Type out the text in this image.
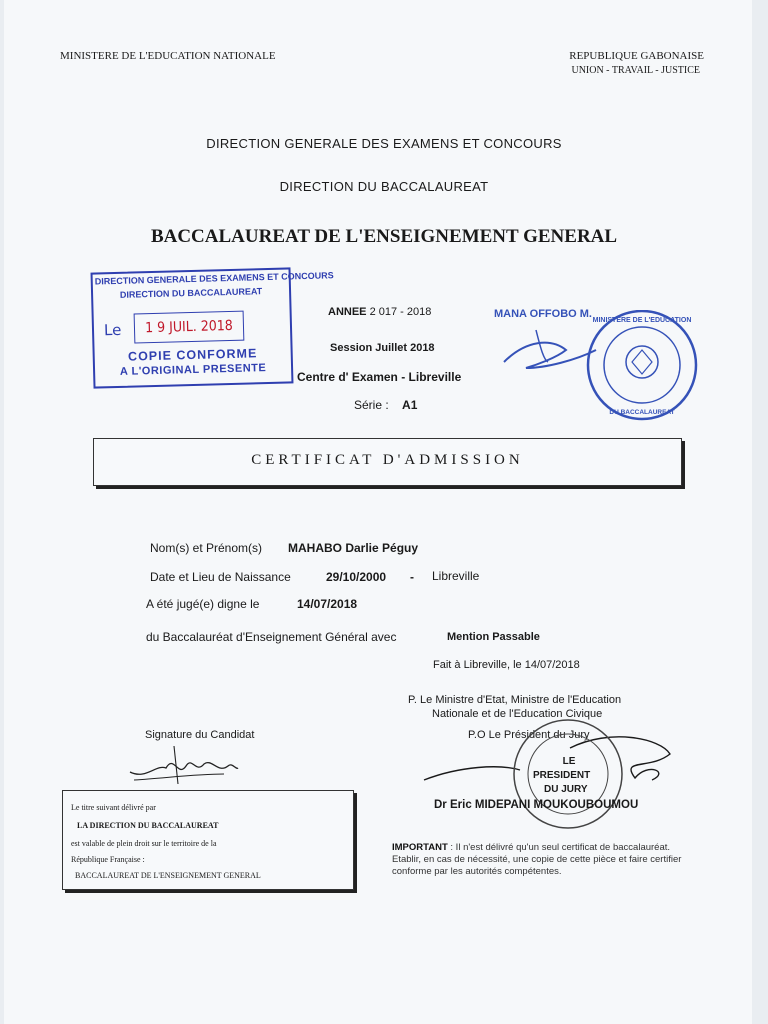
MINISTERE DE L'EDUCATION NATIONALE	REPUBLIQUE GABONAISE
UNION - TRAVAIL - JUSTICE
DIRECTION GENERALE DES EXAMENS ET CONCOURS
DIRECTION DU BACCALAUREAT
BACCALAUREAT DE L'ENSEIGNEMENT GENERAL
DIRECTION GENERALE DES EXAMENS ET CONCOURS
DIRECTION DU BACCALAUREAT
Le	1 9 JUIL. 2018
COPIE CONFORME
A L'ORIGINAL PRESENTE
ANNEE 2 017 - 2018
Session Juillet 2018
Centre d' Examen - Libreville
Série : A1
MANA OFFOBO M.
MINISTERE DE L'EDUCATION
DU BACCALAUREAT
CERTIFICAT D'ADMISSION
Nom(s) et Prénom(s) MAHABO Darlie Péguy
Date et Lieu de Naissance	29/10/2000 - Libreville
A été jugé(e) digne le	14/07/2018
du Baccalauréat d'Enseignement Général avec	Mention Passable
Fait à Libreville, le 14/07/2018
P. Le Ministre d'Etat, Ministre de l'Education
Nationale et de l'Education Civique
P.O Le Président du Jury
Signature du Candidat
LE
PRESIDENT
DU JURY
Dr Eric MIDEPANI MOUKOUBOUMOU
Le titre suivant délivré par
LA DIRECTION DU BACCALAUREAT
est valable de plein droit sur le territoire de la
République Française :
BACCALAUREAT DE L'ENSEIGNEMENT GENERAL
IMPORTANT : Il n'est délivré qu'un seul certificat de baccalauréat. Etablir, en cas de nécessité, une copie de cette pièce et faire certifier conforme par les autorités compétentes.
